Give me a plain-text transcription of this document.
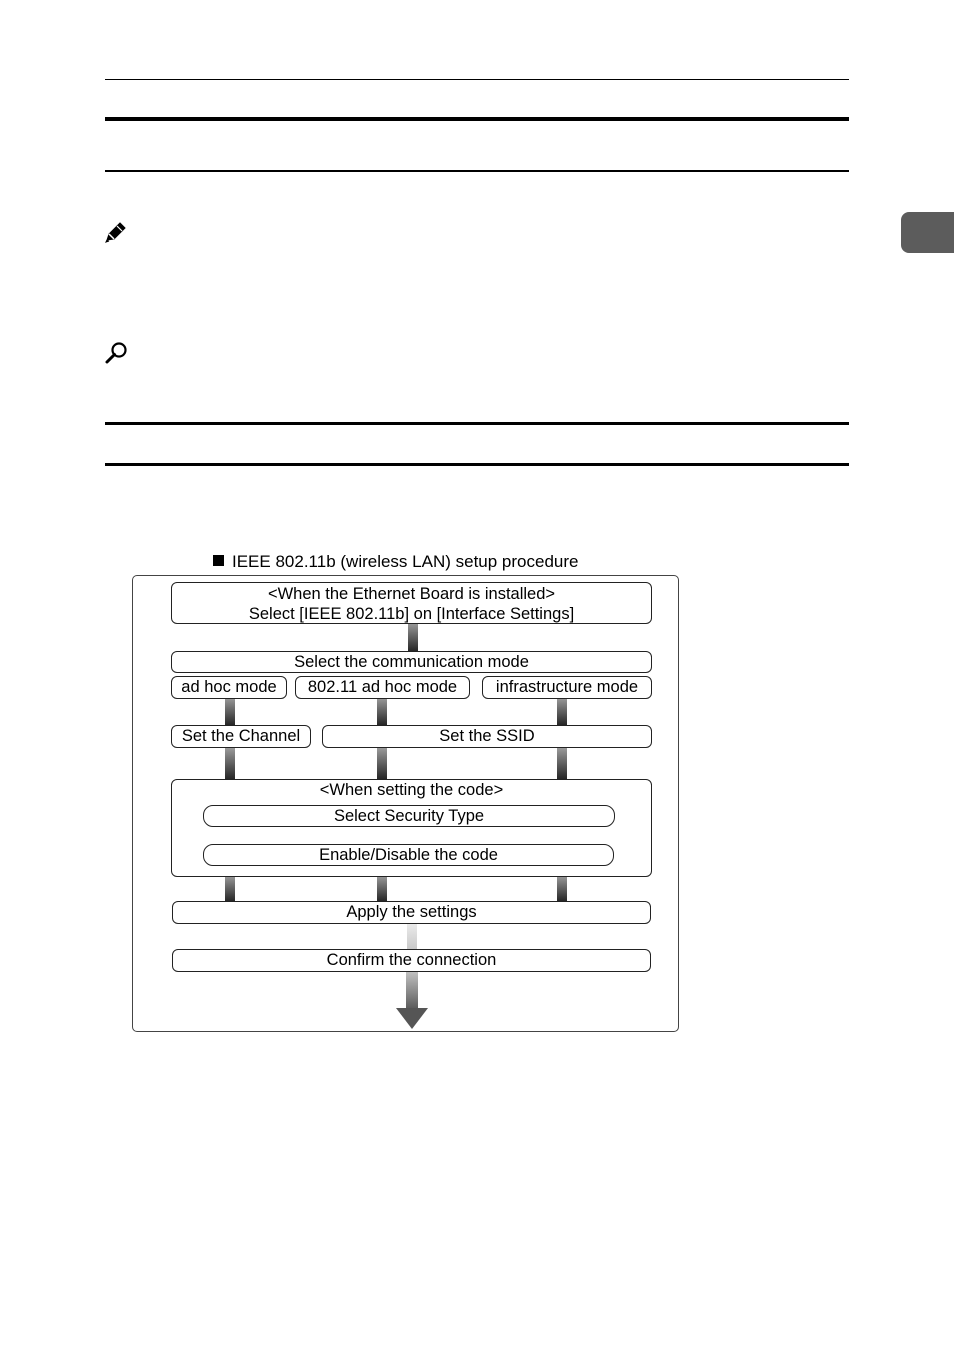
IEEE 802.11b (wireless LAN) setup procedure
<When the Ethernet Board is installed>
Select [IEEE 802.11b] on [Interface Settings]
Select the communication mode
ad hoc mode	802.11 ad hoc mode	infrastructure mode
Set the Channel	Set the SSID
<When setting the code>
Select Security Type
Enable/Disable the code
Apply the settings
Confirm the connection
